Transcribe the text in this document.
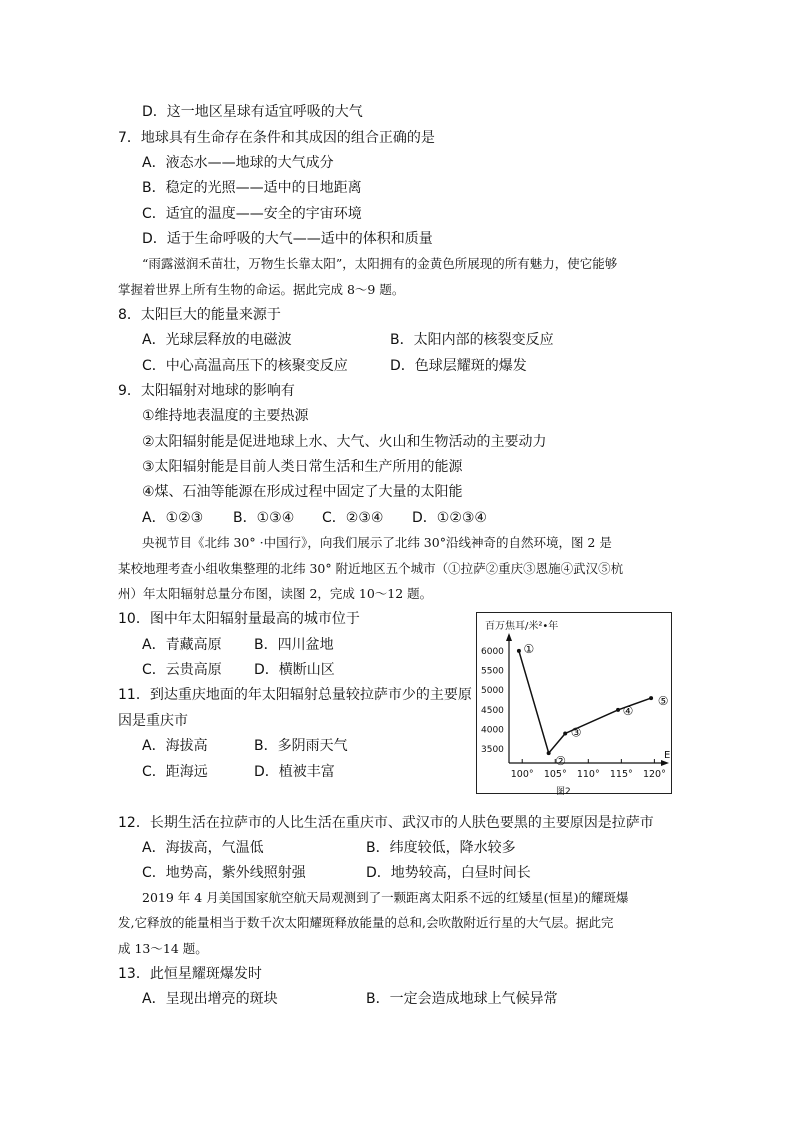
D．这一地区星球有适宜呼吸的大气
7．地球具有生命存在条件和其成因的组合正确的是
A．液态水——地球的大气成分
B．稳定的光照——适中的日地距离
C．适宜的温度——安全的宇宙环境
D．适于生命呼吸的大气——适中的体积和质量
“雨露滋润禾苗壮，万物生长靠太阳”，太阳拥有的金黄色所展现的所有魅力，使它能够
掌握着世界上所有生物的命运。据此完成 8～9 题。
8．太阳巨大的能量来源于
A．光球层释放的电磁波	B．太阳内部的核裂变反应
C．中心高温高压下的核聚变反应	D．色球层耀斑的爆发
9．太阳辐射对地球的影响有
①维持地表温度的主要热源
②太阳辐射能是促进地球上水、大气、火山和生物活动的主要动力
③太阳辐射能是目前人类日常生活和生产所用的能源
④煤、石油等能源在形成过程中固定了大量的太阳能
A．①②③ B．①③④ C．②③④ D．①②③④
央视节目《北纬 30° ·中国行》，向我们展示了北纬 30°沿线神奇的自然环境，图 2 是
某校地理考查小组收集整理的北纬 30° 附近地区五个城市（①拉萨②重庆③恩施④武汉⑤杭
州）年太阳辐射总量分布图，读图 2，完成 10～12 题。
10．图中年太阳辐射量最高的城市位于
A．青藏高原 B．四川盆地
C．云贵高原 D．横断山区
11．到达重庆地面的年太阳辐射总量较拉萨市少的主要原
因是重庆市
A．海拔高	B．多阴雨天气
C．距海远	D．植被丰富
百万焦耳/米²•年
E
6000
5500
5000
4500
4000
3500
100° 105° 110° 115° 120°
①
②
③
④
⑤
图2
12．长期生活在拉萨市的人比生活在重庆市、武汉市的人肤色要黑的主要原因是拉萨市
A．海拔高，气温低	B．纬度较低，降水较多
C．地势高，紫外线照射强	D．地势较高，白昼时间长
2019 年 4 月美国国家航空航天局观测到了一颗距离太阳系不远的红矮星(恒星)的耀斑爆
发,它释放的能量相当于数千次太阳耀斑释放能量的总和,会吹散附近行星的大气层。据此完
成 13～14 题。
13．此恒星耀斑爆发时
A．呈现出增亮的斑块	B．一定会造成地球上气候异常
